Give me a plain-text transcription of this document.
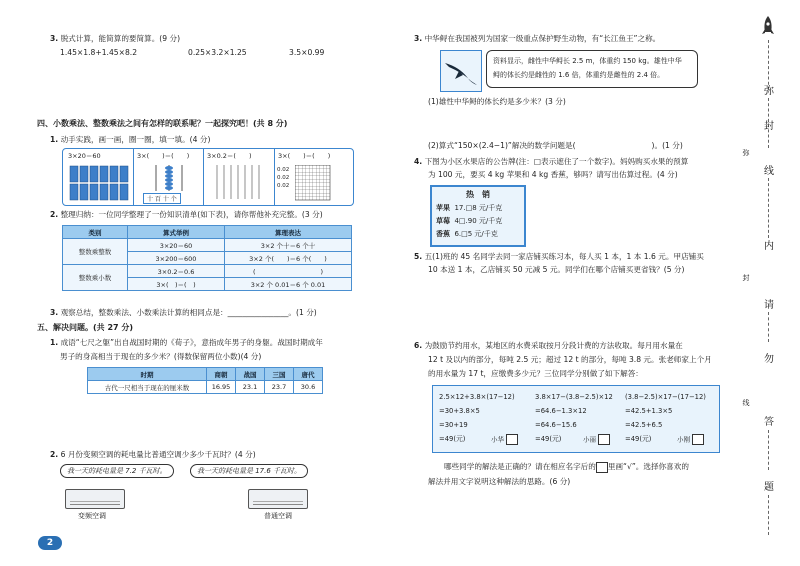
3. 脱式计算，能简算的要简算。(9 分)
1.45×1.8+1.45×8.2	0.25×3.2×1.25	3.5×0.99
四、小数乘法、整数乘法之间有怎样的联系呢？一起探究吧！(共 8 分)
1. 动手实践，画一画，圈一圈，填一填。(4 分)
3×20＝60	3×(　　)＝(　　)	3×0.2＝(　　)	3×(　　)＝(　　)
十 百 十 个
0.02
0.02
0.02
2. 整理归纳：一位同学整理了一份知识清单(如下表)，请你帮他补充完整。(3 分)
类别	算式举例	算理表达
整数乘整数	3×20＝60	3×2 个十＝6 个十
	3×200＝600	3×2 个(　　)＝6 个(　　)
整数乘小数	3×0.2＝0.6	(　　　　　　　　　　)
	3×(　)＝(　)	3×2 个 0.01＝6 个 0.01
3. 观察总结，整数乘法、小数乘法计算的相同点是：________________。(1 分)
五、解决问题。(共 27 分)
1. 成语“七尺之躯”出自战国时期的《荀子》，意指成年男子的身躯。战国时期成年
男子的身高相当于现在的多少米？(得数保留两位小数)(4 分)
时期	商朝	战国	三国	唐代
古代一尺相当于现在的厘米数	16.95	23.1	23.7	30.6
2. 6 月份变频空调的耗电量比普通空调少多少千瓦时？(4 分)
我一天的耗电量是 7.2 千瓦时。	我一天的耗电量是 17.6 千瓦时。
变频空调	普通空调
2
3. 中华鲟在我国被列为国家一级重点保护野生动物，有“长江鱼王”之称。
资料显示，雌性中华鲟长 2.5 m，体重约 150 kg。雄性中华
鲟的体长约是雌性的 1.6 倍，体重约是雌性的 2.4 倍。
(1)雄性中华鲟的体长约是多少米？(3 分)
(2)算式“150×(2.4−1)”解决的数学问题是(　　　　　　　　　　)。(1 分)
4. 下图为小区水果店的公告牌(注：□表示遮住了一个数字)。妈妈购买水果的预算
为 100 元，要买 4 kg 苹果和 4 kg 香蕉，够吗？请写出估算过程。(4 分)
热　销
苹果 17.□8 元/千克
草莓 4□.90 元/千克
香蕉 6.□5 元/千克
5. 五(1)班的 45 名同学去同一家店铺买练习本，每人买 1 本，1 本 1.6 元。甲店铺买
10 本送 1 本，乙店铺买 50 元减 5 元。同学们在哪个店铺买更省钱？(5 分)
6. 为鼓励节约用水，某地区的水费采取按月分段计费的方法收取。每月用水量在
12 t 及以内的部分，每吨 2.5 元；超过 12 t 的部分，每吨 3.8 元。张老师家上个月
的用水量为 17 t，应缴费多少元？三位同学分别做了如下解答：
2.5×12+3.8×(17−12)
=30+3.8×5
=30+19
=49(元)	小华
3.8×17−(3.8−2.5)×12
=64.6−1.3×12
=64.6−15.6
=49(元)	小丽
(3.8−2.5)×17−(17−12)
=42.5+1.3×5
=42.5+6.5
=49(元)	小刚
哪些同学的解法是正确的？请在相应名字后的 里画“√”。选择你喜欢的
解法并用文字说明这种解法的思路。(6 分)
弥
封
弥
线
内
封
请
勿
线
答
题
